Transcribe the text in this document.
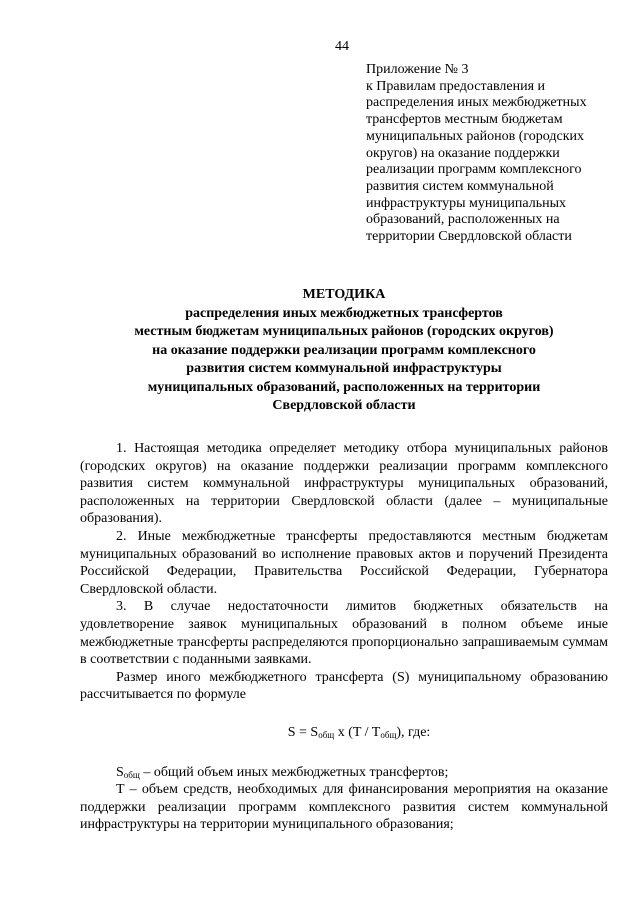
44
Приложение № 3
к Правилам предоставления и
распределения иных межбюджетных
трансфертов местным бюджетам
муниципальных районов (городских
округов) на оказание поддержки
реализации программ комплексного
развития систем коммунальной
инфраструктуры муниципальных
образований, расположенных на
территории Свердловской области
МЕТОДИКА
распределения иных межбюджетных трансфертов
местным бюджетам муниципальных районов (городских округов)
на оказание поддержки реализации программ комплексного
развития систем коммунальной инфраструктуры
муниципальных образований, расположенных на территории
Свердловской области

1. Настоящая методика определяет методику отбора муниципальных районов (городских округов) на оказание поддержки реализации программ комплексного развития систем коммунальной инфраструктуры муниципальных образований, расположенных на территории Свердловской области (далее – муниципальные образования).

2. Иные межбюджетные трансферты предоставляются местным бюджетам муниципальных образований во исполнение правовых актов и поручений Президента Российской Федерации, Правительства Российской Федерации, Губернатора Свердловской области.

3. В случае недостаточности лимитов бюджетных обязательств на удовлетворение заявок муниципальных образований в полном объеме иные межбюджетные трансферты распределяются пропорционально запрашиваемым суммам в соответствии с поданными заявками.

Размер иного межбюджетного трансферта (S) муниципальному образованию рассчитывается по формуле

$S = S_{общ}$ х $(T / T_{общ})$, где:

$S_{общ}$ – общий объем иных межбюджетных трансфертов;

T – объем средств, необходимых для финансирования мероприятия на оказание поддержки реализации программ комплексного развития систем коммунальной инфраструктуры на территории муниципального образования;
